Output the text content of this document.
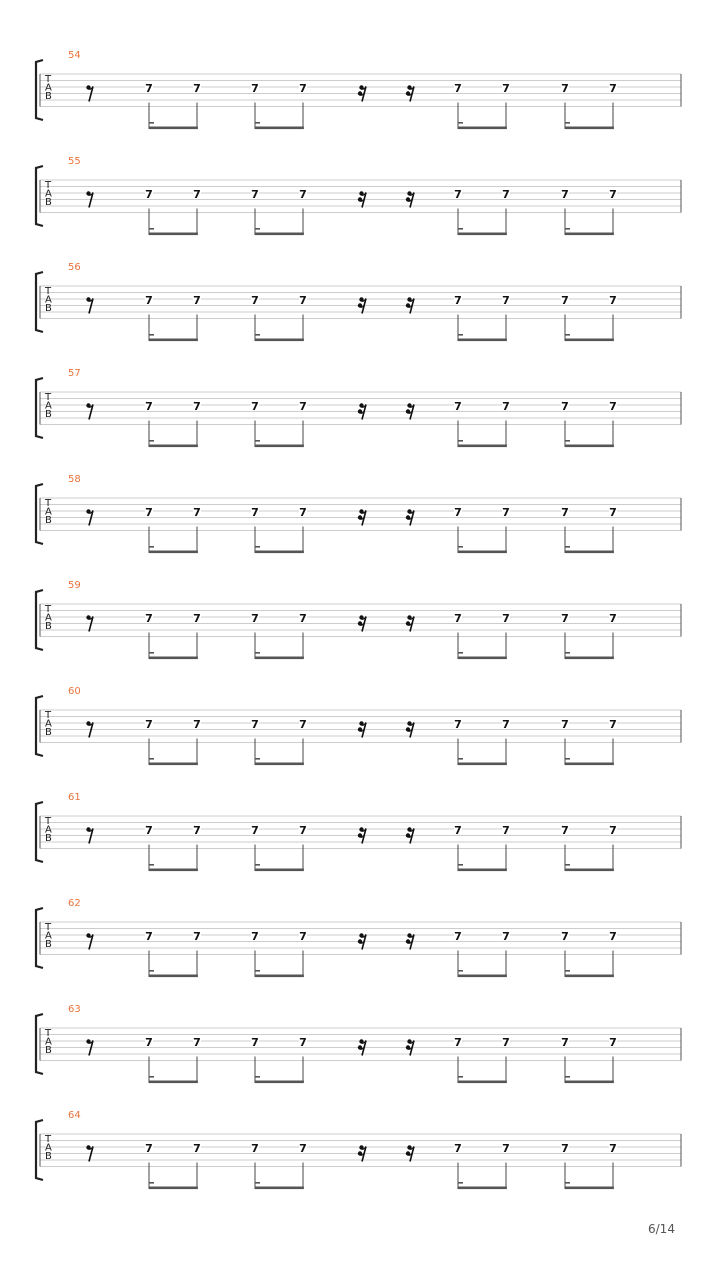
54
T
A
B
7	7	7	7	7	7	7	7
55
T
A
B
7	7	7	7	7	7	7	7
56
T
A
B
7	7	7	7	7	7	7	7
57
T
A
B
7	7	7	7	7	7	7	7
58
T
A
B
7	7	7	7	7	7	7	7
59
T
A
B
7	7	7	7	7	7	7	7
60
T
A
B
7	7	7	7	7	7	7	7
61
T
A
B
7	7	7	7	7	7	7	7
62
T
A
B
7	7	7	7	7	7	7	7
63
T
A
B
7	7	7	7	7	7	7	7
64
T
A
B
7	7	7	7	7	7	7	7
6/14
